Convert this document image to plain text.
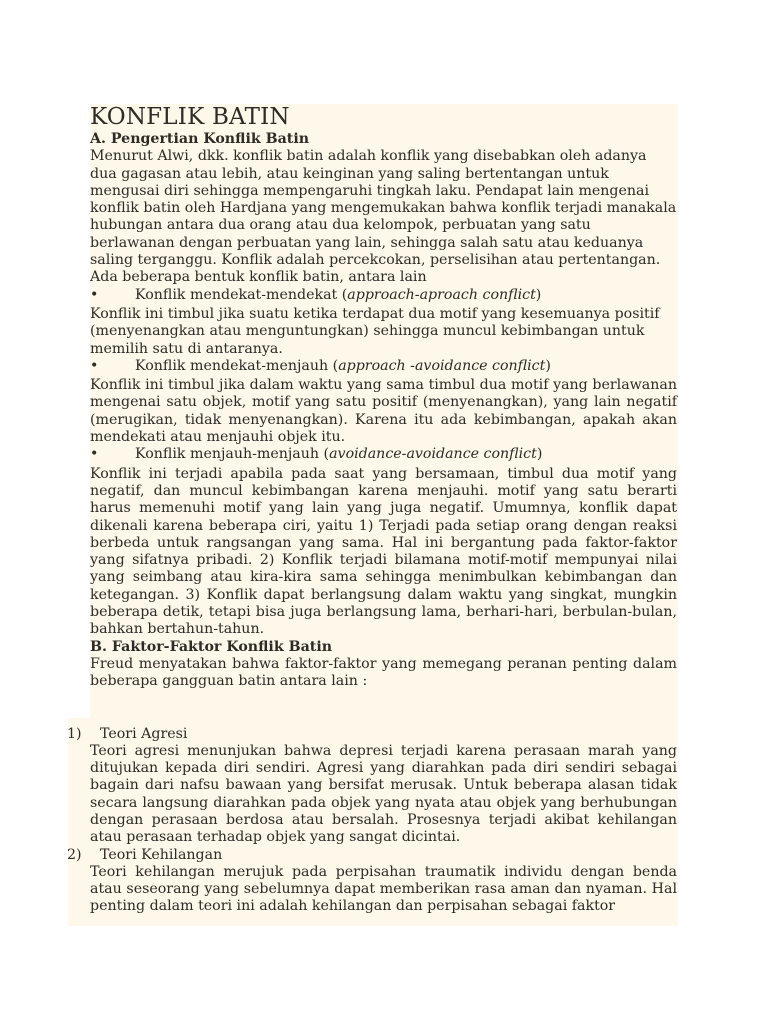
KONFLIK BATIN

A. Pengertian Konflik Batin

Menurut Alwi, dkk. konflik batin adalah konflik yang disebabkan oleh adanya dua gagasan atau lebih, atau keinginan yang saling bertentangan untuk mengusai diri sehingga mempengaruhi tingkah laku. Pendapat lain mengenai konflik batin oleh Hardjana yang mengemukakan bahwa konflik terjadi manakala hubungan antara dua orang atau dua kelompok, perbuatan yang satu berlawanan dengan perbuatan yang lain, sehingga salah satu atau keduanya saling terganggu. Konflik adalah percekcokan, perselisihan atau pertentangan.

Ada beberapa bentuk konflik batin, antara lain

•	Konflik mendekat-mendekat (approach-aproach conflict)

Konflik ini timbul jika suatu ketika terdapat dua motif yang kesemuanya positif (menyenangkan atau menguntungkan) sehingga muncul kebimbangan untuk memilih satu di antaranya.

•	Konflik mendekat-menjauh (approach -avoidance conflict)

Konflik ini timbul jika dalam waktu yang sama timbul dua motif yang berlawanan mengenai satu objek, motif yang satu positif (menyenangkan), yang lain negatif (merugikan, tidak menyenangkan). Karena itu ada kebimbangan, apakah akan mendekati atau menjauhi objek itu.

•	Konflik menjauh-menjauh (avoidance-avoidance conflict)

Konflik ini terjadi apabila pada saat yang bersamaan, timbul dua motif yang negatif, dan muncul kebimbangan karena menjauhi. motif yang satu berarti harus memenuhi motif yang lain yang juga negatif. Umumnya, konflik dapat dikenali karena beberapa ciri, yaitu 1) Terjadi pada setiap orang dengan reaksi berbeda untuk rangsangan yang sama. Hal ini bergantung pada faktor-faktor yang sifatnya pribadi. 2) Konflik terjadi bilamana motif-motif mempunyai nilai yang seimbang atau kira-kira sama sehingga menimbulkan kebimbangan dan ketegangan. 3) Konflik dapat berlangsung dalam waktu yang singkat, mungkin beberapa detik, tetapi bisa juga berlangsung lama, berhari-hari, berbulan-bulan, bahkan bertahun-tahun.

B. Faktor-Faktor Konflik Batin

Freud menyatakan bahwa faktor-faktor yang memegang peranan penting dalam beberapa gangguan batin antara lain :

1) Teori Agresi

Teori agresi menunjukan bahwa depresi terjadi karena perasaan marah yang ditujukan kepada diri sendiri. Agresi yang diarahkan pada diri sendiri sebagai bagain dari nafsu bawaan yang bersifat merusak. Untuk beberapa alasan tidak secara langsung diarahkan pada objek yang nyata atau objek yang berhubungan dengan perasaan berdosa atau bersalah. Prosesnya terjadi akibat kehilangan atau perasaan terhadap objek yang sangat dicintai.

2) Teori Kehilangan

Teori kehilangan merujuk pada perpisahan traumatik individu dengan benda atau seseorang yang sebelumnya dapat memberikan rasa aman dan nyaman. Hal penting dalam teori ini adalah kehilangan dan perpisahan sebagai faktor
